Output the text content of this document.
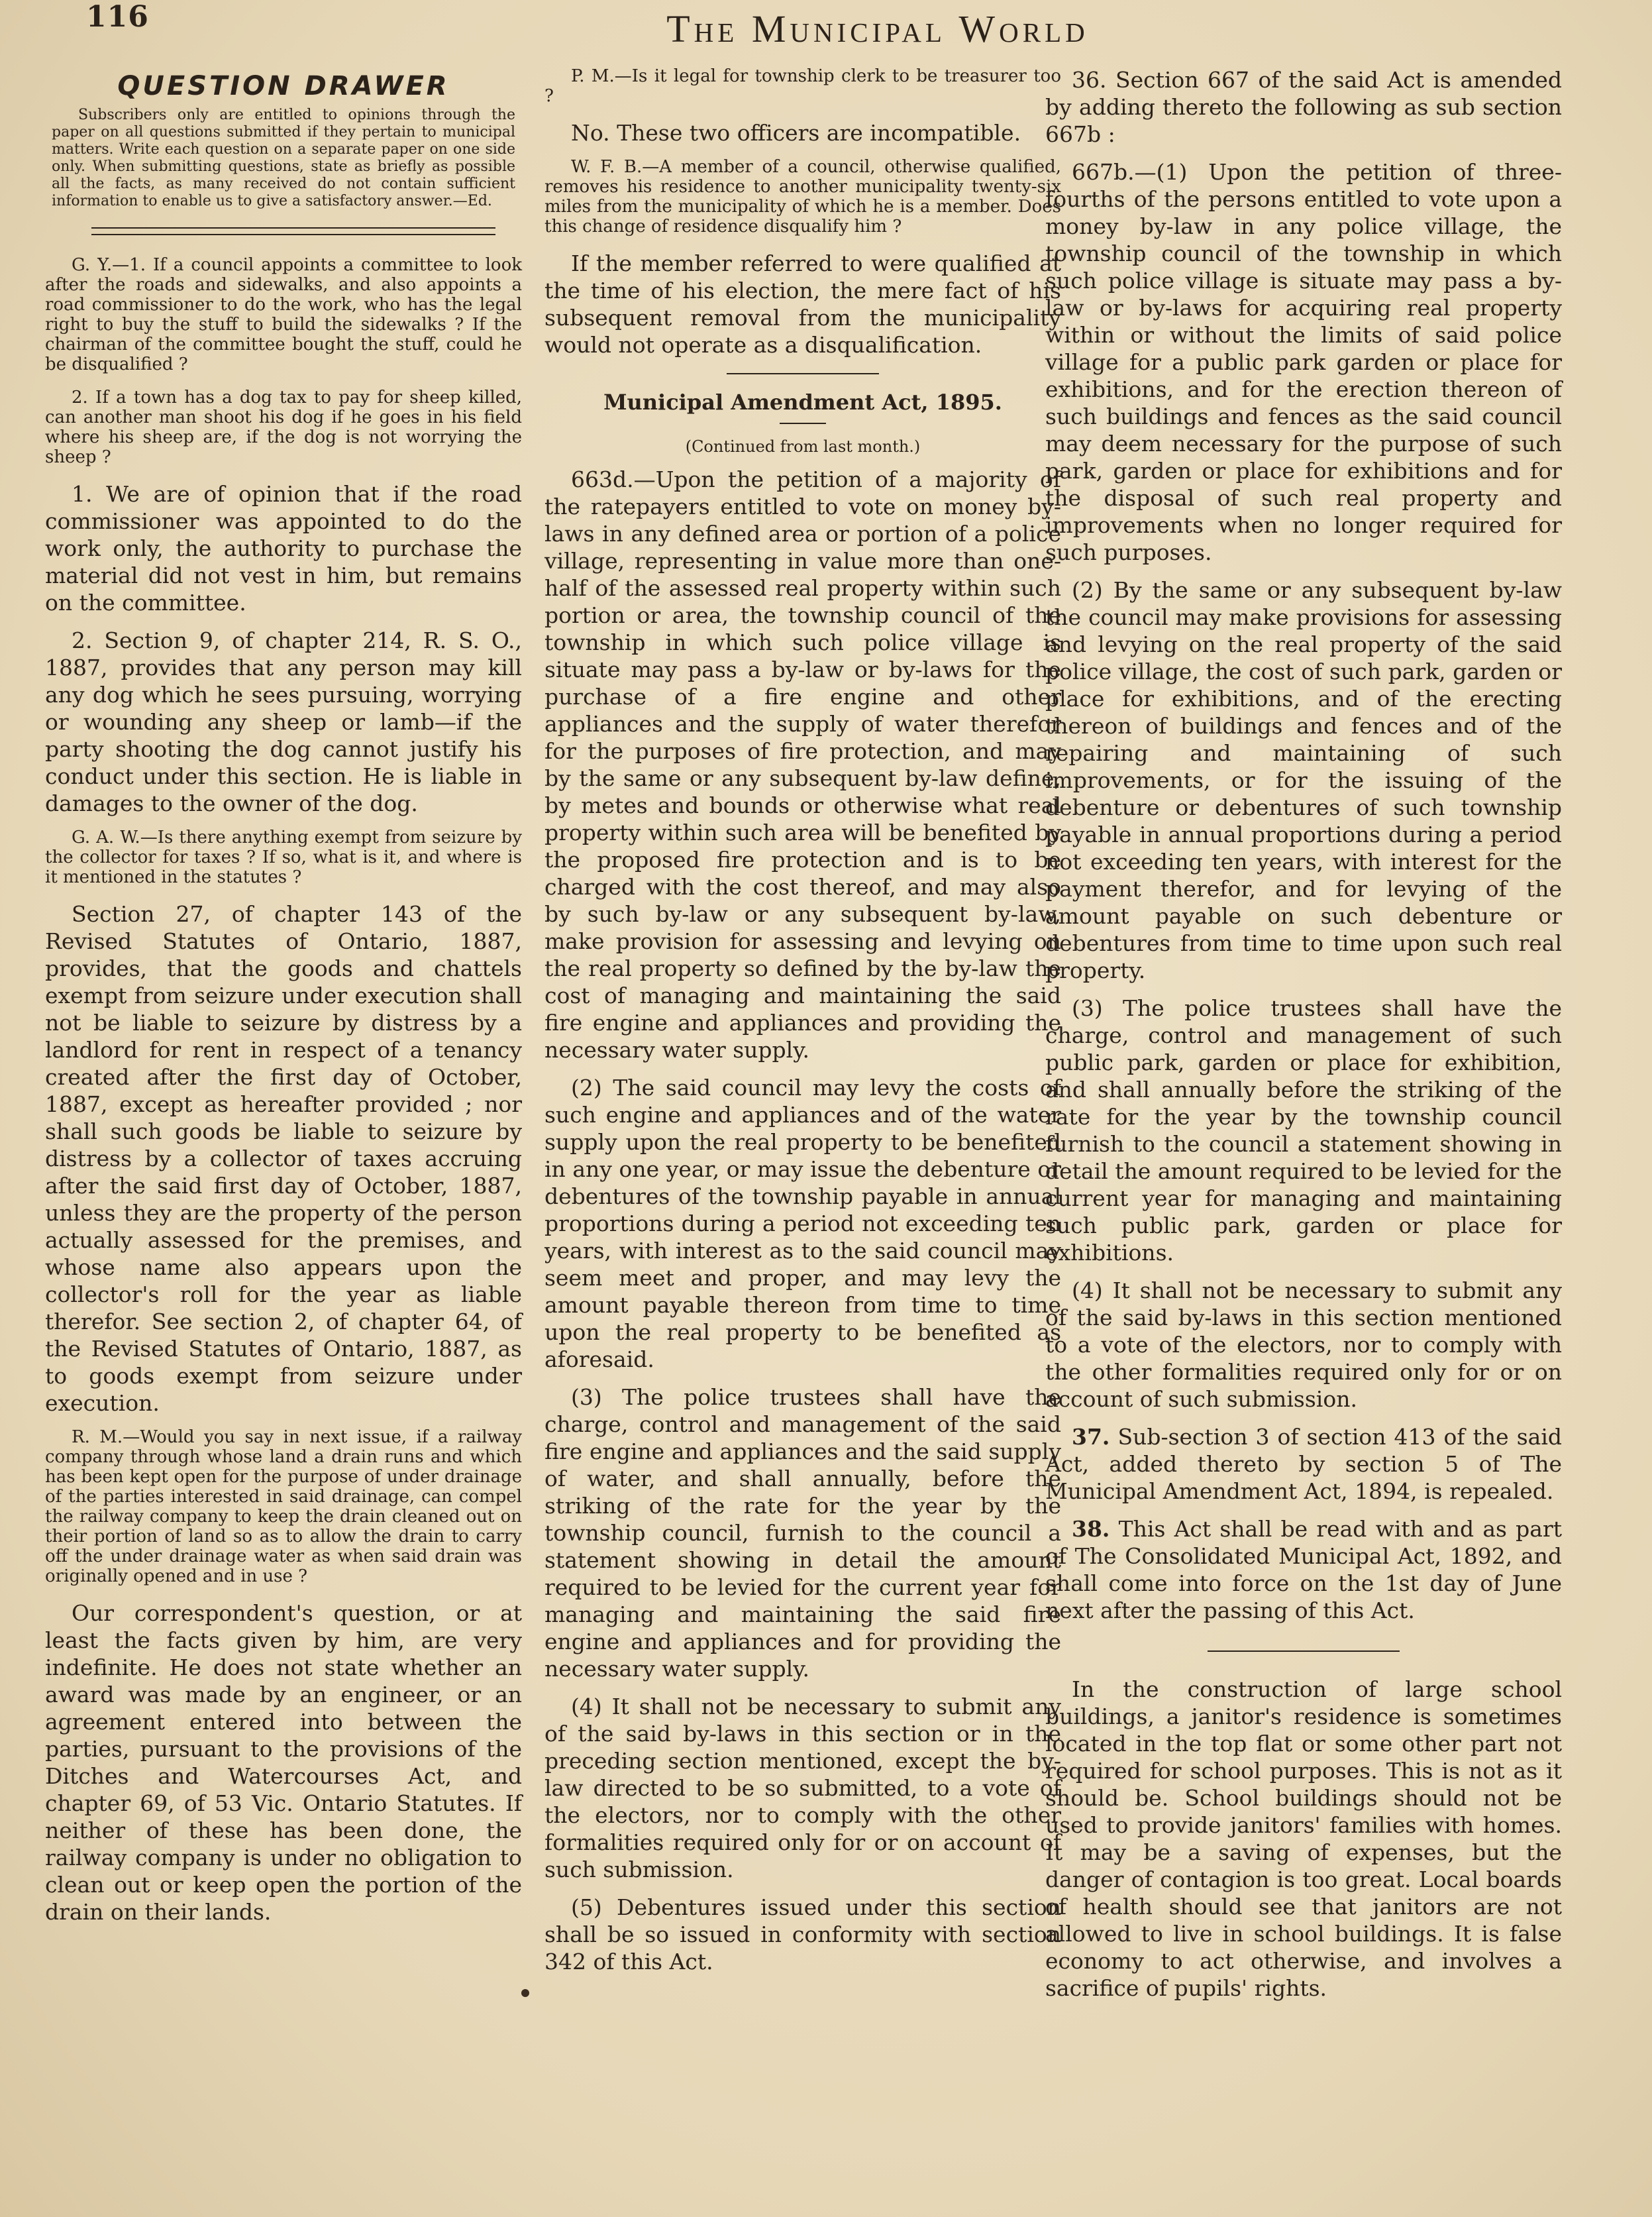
116	The Municipal World
QUESTION DRAWER

Subscribers only are entitled to opinions through the paper on all questions submitted if they pertain to municipal matters. Write each question on a separate paper on one side only. When submitting questions, state as briefly as possible all the facts, as many received do not contain sufficient information to enable us to give a satisfactory answer.—Ed.

G. Y.—1. If a council appoints a committee to look after the roads and sidewalks, and also appoints a road commissioner to do the work, who has the legal right to buy the stuff to build the sidewalks ? If the chairman of the committee bought the stuff, could he be disqualified ?

2. If a town has a dog tax to pay for sheep killed, can another man shoot his dog if he goes in his field where his sheep are, if the dog is not worrying the sheep ?

1. We are of opinion that if the road commissioner was appointed to do the work only, the authority to purchase the material did not vest in him, but remains on the committee.

2. Section 9, of chapter 214, R. S. O., 1887, provides that any person may kill any dog which he sees pursuing, worrying or wounding any sheep or lamb—if the party shooting the dog cannot justify his conduct under this section. He is liable in damages to the owner of the dog.

G. A. W.—Is there anything exempt from seizure by the collector for taxes ? If so, what is it, and where is it mentioned in the statutes ?

Section 27, of chapter 143 of the Revised Statutes of Ontario, 1887, provides, that the goods and chattels exempt from seizure under execution shall not be liable to seizure by distress by a landlord for rent in respect of a tenancy created after the first day of October, 1887, except as hereafter provided ; nor shall such goods be liable to seizure by distress by a collector of taxes accruing after the said first day of October, 1887, unless they are the property of the person actually assessed for the premises, and whose name also appears upon the collector's roll for the year as liable therefor. See section 2, of chapter 64, of the Revised Statutes of Ontario, 1887, as to goods exempt from seizure under execution.

R. M.—Would you say in next issue, if a railway company through whose land a drain runs and which has been kept open for the purpose of under drainage of the parties interested in said drainage, can compel the railway company to keep the drain cleaned out on their portion of land so as to allow the drain to carry off the under drainage water as when said drain was originally opened and in use ?

Our correspondent's question, or at least the facts given by him, are very indefinite. He does not state whether an award was made by an engineer, or an agreement entered into between the parties, pursuant to the provisions of the Ditches and Watercourses Act, and chapter 69, of 53 Vic. Ontario Statutes. If neither of these has been done, the railway company is under no obligation to clean out or keep open the portion of the drain on their lands.

P. M.—Is it legal for township clerk to be treasurer too ?

No. These two officers are incompatible.

W. F. B.—A member of a council, otherwise qualified, removes his residence to another municipality twenty-six miles from the municipality of which he is a member. Does this change of residence disqualify him ?

If the member referred to were qualified at the time of his election, the mere fact of his subsequent removal from the municipality would not operate as a disqualification.

Municipal Amendment Act, 1895.
(Continued from last month.)

663d.—Upon the petition of a majority of the ratepayers entitled to vote on money by-laws in any defined area or portion of a police village, representing in value more than one-half of the assessed real property within such portion or area, the township council of the township in which such police village is situate may pass a by-law or by-laws for the purchase of a fire engine and other appliances and the supply of water therefor for the purposes of fire protection, and may by the same or any subsequent by-law define, by metes and bounds or otherwise what real property within such area will be benefited by the proposed fire protection and is to be charged with the cost thereof, and may also by such by-law or any subsequent by-law, make provision for assessing and levying on the real property so defined by the by-law the cost of managing and maintaining the said fire engine and appliances and providing the necessary water supply.

(2) The said council may levy the costs of such engine and appliances and of the water supply upon the real property to be benefited in any one year, or may issue the debenture or debentures of the township payable in annual proportions during a period not exceeding ten years, with interest as to the said council may seem meet and proper, and may levy the amount payable thereon from time to time upon the real property to be benefited as aforesaid.

(3) The police trustees shall have the charge, control and management of the said fire engine and appliances and the said supply of water, and shall annually, before the striking of the rate for the year by the township council, furnish to the council a statement showing in detail the amount required to be levied for the current year for managing and maintaining the said fire engine and appliances and for providing the necessary water supply.

(4) It shall not be necessary to submit any of the said by-laws in this section or in the preceding section mentioned, except the by-law directed to be so submitted, to a vote of the electors, nor to comply with the other formalities required only for or on account of such submission.

(5) Debentures issued under this section shall be so issued in conformity with section 342 of this Act.

36. Section 667 of the said Act is amended by adding thereto the following as sub section 667b :

667b.—(1) Upon the petition of three-fourths of the persons entitled to vote upon a money by-law in any police village, the township council of the township in which such police village is situate may pass a by-law or by-laws for acquiring real property within or without the limits of said police village for a public park garden or place for exhibitions, and for the erection thereon of such buildings and fences as the said council may deem necessary for the purpose of such park, garden or place for exhibitions and for the disposal of such real property and improvements when no longer required for such purposes.

(2) By the same or any subsequent by-law the council may make provisions for assessing and levying on the real property of the said police village, the cost of such park, garden or place for exhibitions, and of the erecting thereon of buildings and fences and of the repairing and maintaining of such improvements, or for the issuing of the debenture or debentures of such township payable in annual proportions during a period not exceeding ten years, with interest for the payment therefor, and for levying of the amount payable on such debenture or debentures from time to time upon such real property.

(3) The police trustees shall have the charge, control and management of such public park, garden or place for exhibition, and shall annually before the striking of the rate for the year by the township council furnish to the council a statement showing in detail the amount required to be levied for the current year for managing and maintaining such public park, garden or place for exhibitions.

(4) It shall not be necessary to submit any of the said by-laws in this section mentioned to a vote of the electors, nor to comply with the other formalities required only for or on account of such submission.

37. Sub-section 3 of section 413 of the said Act, added thereto by section 5 of The Municipal Amendment Act, 1894, is repealed.

38. This Act shall be read with and as part of The Consolidated Municipal Act, 1892, and shall come into force on the 1st day of June next after the passing of this Act.

In the construction of large school buildings, a janitor's residence is sometimes located in the top flat or some other part not required for school purposes. This is not as it should be. School buildings should not be used to provide janitors' families with homes. It may be a saving of expenses, but the danger of contagion is too great. Local boards of health should see that janitors are not allowed to live in school buildings. It is false economy to act otherwise, and involves a sacrifice of pupils' rights.
